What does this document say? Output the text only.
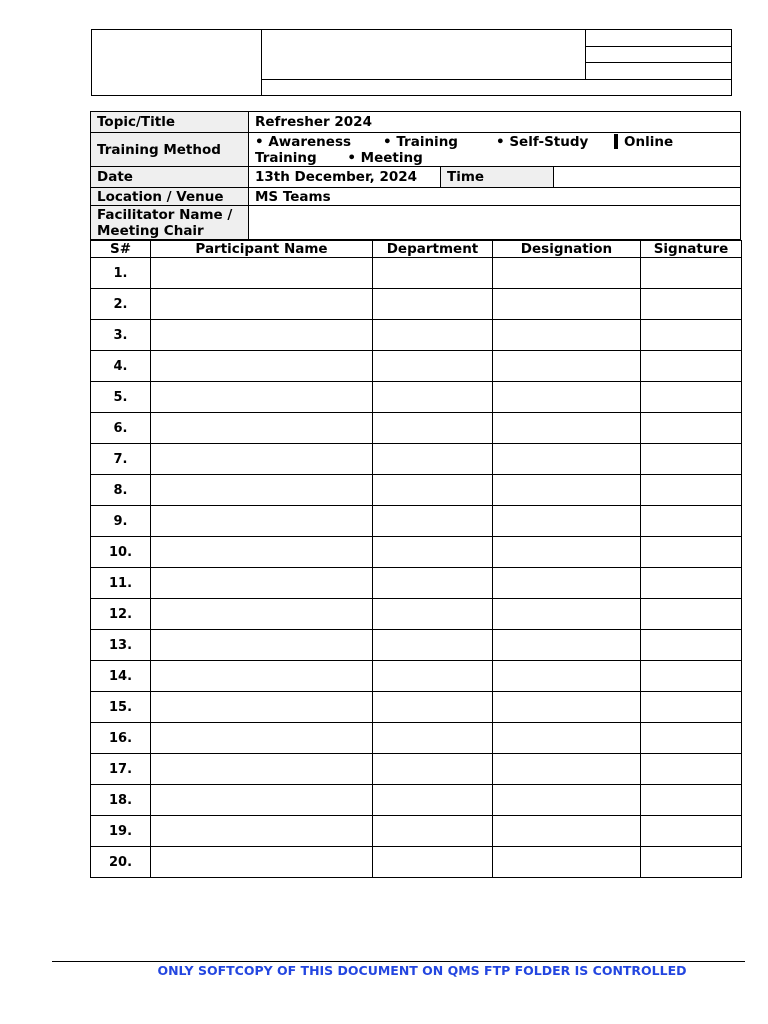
Topic/Title	Refresher 2024		
Training Method	• Awareness • Training • Self-Study Online Training • Meeting		
Date	13th December, 2024	Time	
Location / Venue	MS Teams		
Facilitator Name / Meeting Chair			
S#	Participant Name	Department	Designation	Signature
1.				
2.				
3.				
4.				
5.				
6.				
7.				
8.				
9.				
10.				
11.				
12.				
13.				
14.				
15.				
16.				
17.				
18.				
19.				
20.				
ONLY SOFTCOPY OF THIS DOCUMENT ON QMS FTP FOLDER IS CONTROLLED
